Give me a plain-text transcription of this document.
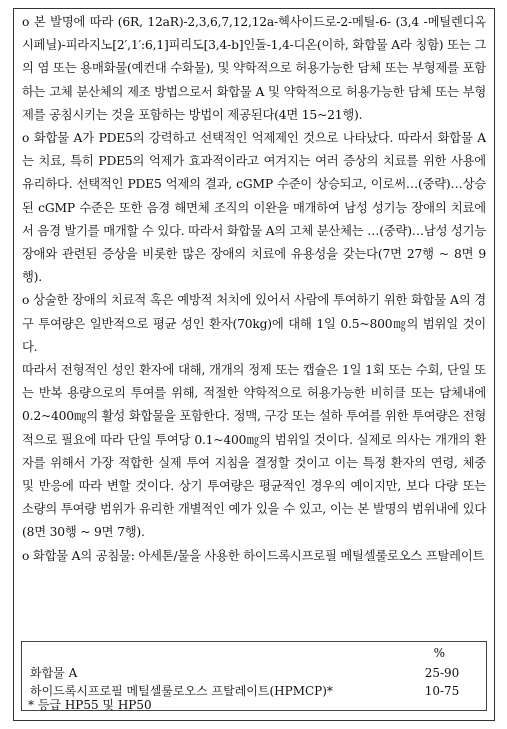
o 본 발명에 따라 (6R, 12aR)-2,3,6,7,12,12a-헥사이드로-2-메틸-6- (3,4 -메틸렌디옥시페닐)-피라지노[2′,1′:6,1]피리도[3,4-b]인돌-1,4-디온(이하, 화합물 A라 칭함) 또는 그의 염 또는 용매화물(예컨대 수화물), 및 약학적으로 허용가능한 담체 또는 부형제를 포함하는 고체 분산체의 제조 방법으로서 화합물 A 및 약학적으로 허용가능한 담체 또는 부형제를 공침시키는 것을 포함하는 방법이 제공된다(4면 15~21행).

o 화합물 A가 PDE5의 강력하고 선택적인 억제제인 것으로 나타났다. 따라서 화합물 A는 치료, 특히 PDE5의 억제가 효과적이라고 여겨지는 여러 증상의 치료를 위한 사용에 유리하다. 선택적인 PDE5 억제의 결과, cGMP 수준이 상승되고, 이로써…(중략)…상승된 cGMP 수준은 또한 음경 해면체 조직의 이완을 매개하여 남성 성기능 장애의 치료에서 음경 발기를 매개할 수 있다. 따라서 화합물 A의 고체 분산체는 …(중략)…남성 성기능 장애와 관련된 증상을 비롯한 많은 장애의 치료에 유용성을 갖는다(7면 27행 ~ 8면 9행).

o 상술한 장애의 치료적 혹은 예방적 처치에 있어서 사람에 투여하기 위한 화합물 A의 경구 투여량은 일반적으로 평균 성인 환자(70kg)에 대해 1일 0.5~800㎎의 범위일 것이다.

따라서 전형적인 성인 환자에 대해, 개개의 정제 또는 캡슐은 1일 1회 또는 수회, 단일 또는 반복 용량으로의 투여를 위해, 적절한 약학적으로 허용가능한 비히클 또는 담체내에 0.2~400㎎의 활성 화합물을 포함한다. 정맥, 구강 또는 설하 투여를 위한 투여량은 전형적으로 필요에 따라 단일 투여당 0.1~400㎎의 범위일 것이다. 실제로 의사는 개개의 환자를 위해서 가장 적합한 실제 투여 지침을 결정할 것이고 이는 특정 환자의 연령, 체중 및 반응에 따라 변할 것이다. 상기 투여량은 평균적인 경우의 예이지만, 보다 다량 또는 소량의 투여량 범위가 유리한 개별적인 예가 있을 수 있고, 이는 본 발명의 범위내에 있다(8면 30행 ~ 9면 7행).

o 화합물 A의 공침물: 아세톤/물을 사용한 하이드록시프로필 메틸셀룰로오스 프탈레이트

%
화합물 A	25-90
하이드록시프로필 메틸셀룰로오스 프탈레이트(HPMCP)*	10-75
* 등급 HP55 및 HP50
